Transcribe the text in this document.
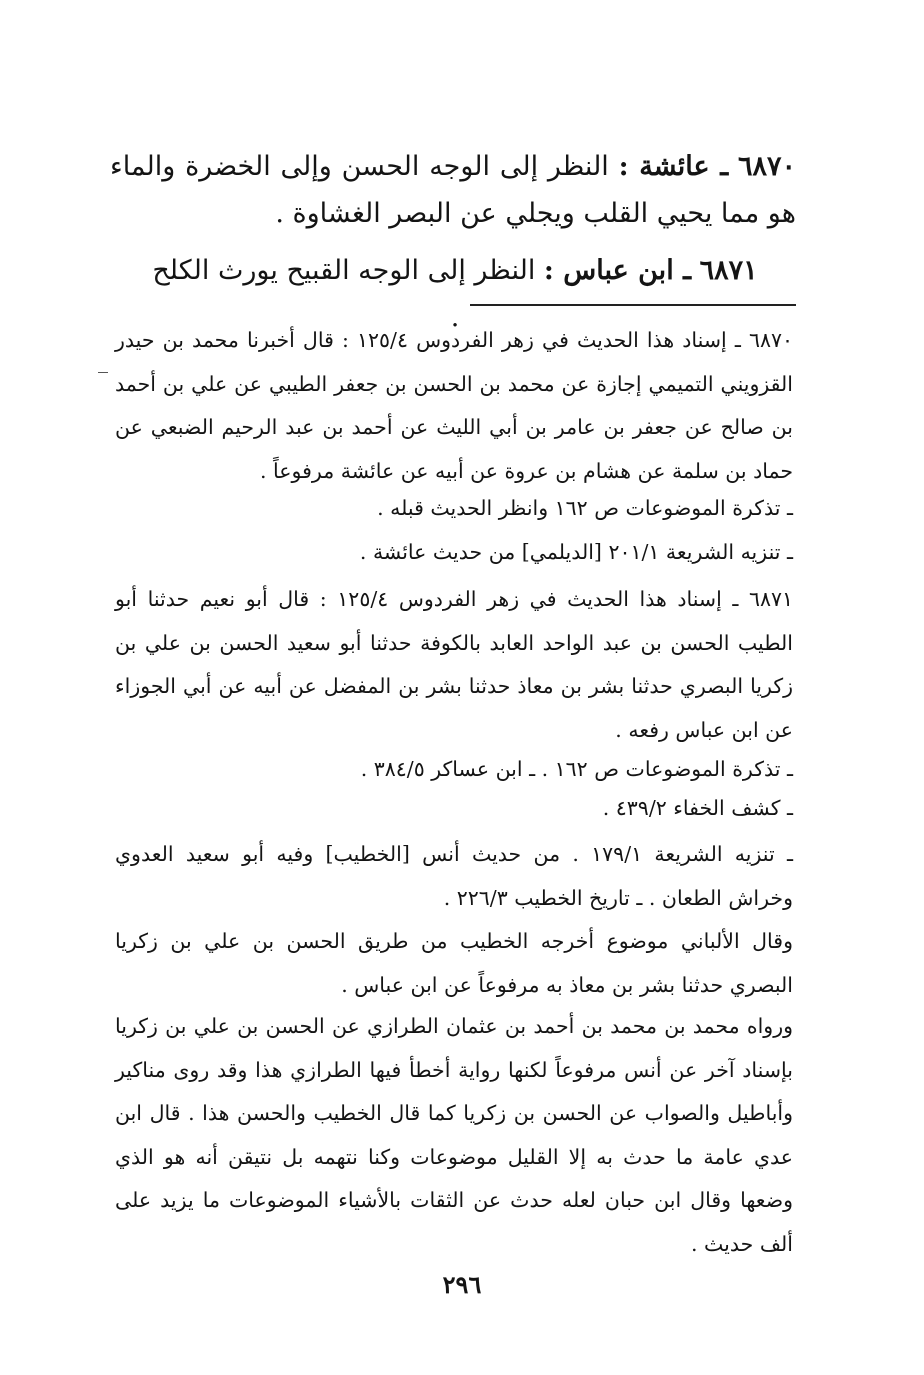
٦٨٧٠ ـ عائشة : النظر إلى الوجه الحسن وإلى الخضرة والماء هو مما يحيي القلب ويجلي عن البصر الغشاوة .
٦٨٧١ ـ ابن عباس : النظر إلى الوجه القبيح يورث الكلح .

٦٨٧٠ ـ إسناد هذا الحديث في زهر الفردوس ١٢٥/٤ : قال أخبرنا محمد بن حيدر القزويني التميمي إجازة عن محمد بن الحسن بن جعفر الطيبي عن علي بن أحمد بن صالح عن جعفر بن عامر بن أبي الليث عن أحمد بن عبد الرحيم الضبعي عن حماد بن سلمة عن هشام بن عروة عن أبيه عن عائشة مرفوعاً .

ـ تذكرة الموضوعات ص ١٦٢ وانظر الحديث قبله .

ـ تنزيه الشريعة ٢٠١/١ [الديلمي] من حديث عائشة .

٦٨٧١ ـ إسناد هذا الحديث في زهر الفردوس ١٢٥/٤ : قال أبو نعيم حدثنا أبو الطيب الحسن بن عبد الواحد العابد بالكوفة حدثنا أبو سعيد الحسن بن علي بن زكريا البصري حدثنا بشر بن معاذ حدثنا بشر بن المفضل عن أبيه عن أبي الجوزاء عن ابن عباس رفعه .

ـ تذكرة الموضوعات ص ١٦٢ . ـ ابن عساكر ٣٨٤/٥ .

ـ كشف الخفاء ٤٣٩/٢ .

ـ تنزيه الشريعة ١٧٩/١ . من حديث أنس [الخطيب] وفيه أبو سعيد العدوي وخراش الطعان . ـ تاريخ الخطيب ٢٢٦/٣ .

وقال الألباني موضوع أخرجه الخطيب من طريق الحسن بن علي بن زكريا البصري حدثنا بشر بن معاذ به مرفوعاً عن ابن عباس .

ورواه محمد بن محمد بن أحمد بن عثمان الطرازي عن الحسن بن علي بن زكريا بإسناد آخر عن أنس مرفوعاً لكنها رواية أخطأ فيها الطرازي هذا وقد روى مناكير وأباطيل والصواب عن الحسن بن زكريا كما قال الخطيب والحسن هذا . قال ابن عدي عامة ما حدث به إلا القليل موضوعات وكنا نتهمه بل نتيقن أنه هو الذي وضعها وقال ابن حبان لعله حدث عن الثقات بالأشياء الموضوعات ما يزيد على ألف حديث .

٢٩٦
